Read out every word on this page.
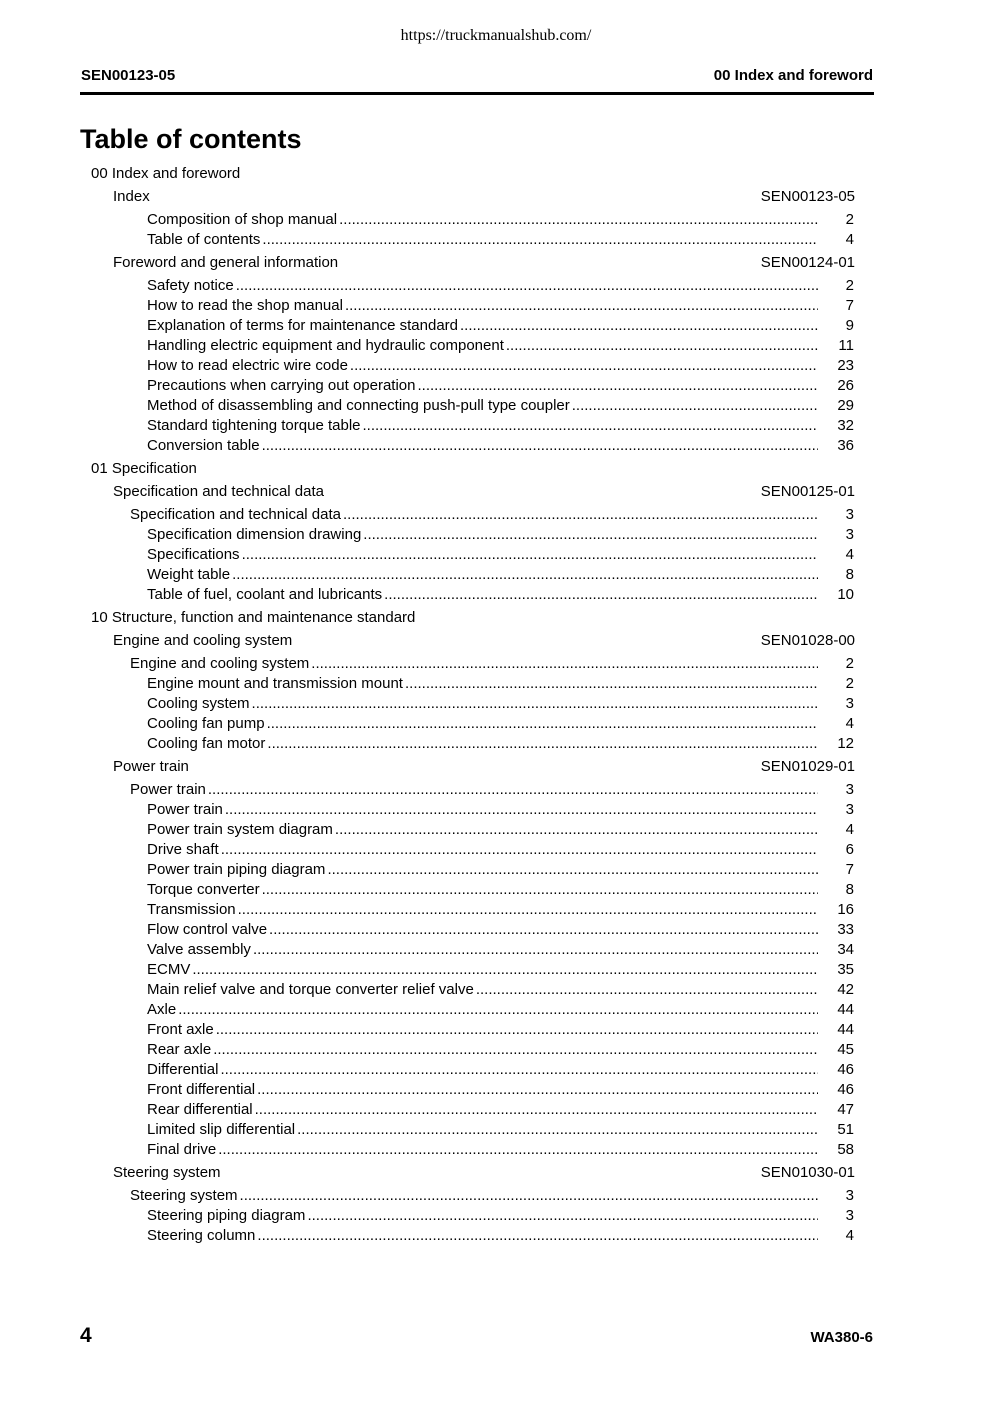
https://truckmanualshub.com/
SEN00123-05	00 Index and foreword
Table of contents
00 Index and foreword
Index	SEN00123-05
Composition of shop manual .....	2
Table of contents .....	4
Foreword and general information	SEN00124-01
Safety notice .....	2
How to read the shop manual .....	7
Explanation of terms for maintenance standard .....	9
Handling electric equipment and hydraulic component .....	11
How to read electric wire code .....	23
Precautions when carrying out operation .....	26
Method of disassembling and connecting push-pull type coupler .....	29
Standard tightening torque table .....	32
Conversion table .....	36
01 Specification
Specification and technical data	SEN00125-01
Specification and technical data .....	3
Specification dimension drawing .....	3
Specifications .....	4
Weight table .....	8
Table of fuel, coolant and lubricants .....	10
10 Structure, function and maintenance standard
Engine and cooling system	SEN01028-00
Engine and cooling system .....	2
Engine mount and transmission mount .....	2
Cooling system .....	3
Cooling fan pump .....	4
Cooling fan motor .....	12
Power train	SEN01029-01
Power train .....	3
Power train .....	3
Power train system diagram .....	4
Drive shaft .....	6
Power train piping diagram .....	7
Torque converter .....	8
Transmission .....	16
Flow control valve .....	33
Valve assembly .....	34
ECMV .....	35
Main relief valve and torque converter relief valve .....	42
Axle .....	44
Front axle .....	44
Rear axle .....	45
Differential .....	46
Front differential .....	46
Rear differential .....	47
Limited slip differential .....	51
Final drive .....	58
Steering system	SEN01030-01
Steering system .....	3
Steering piping diagram .....	3
Steering column .....	4
4	WA380-6
